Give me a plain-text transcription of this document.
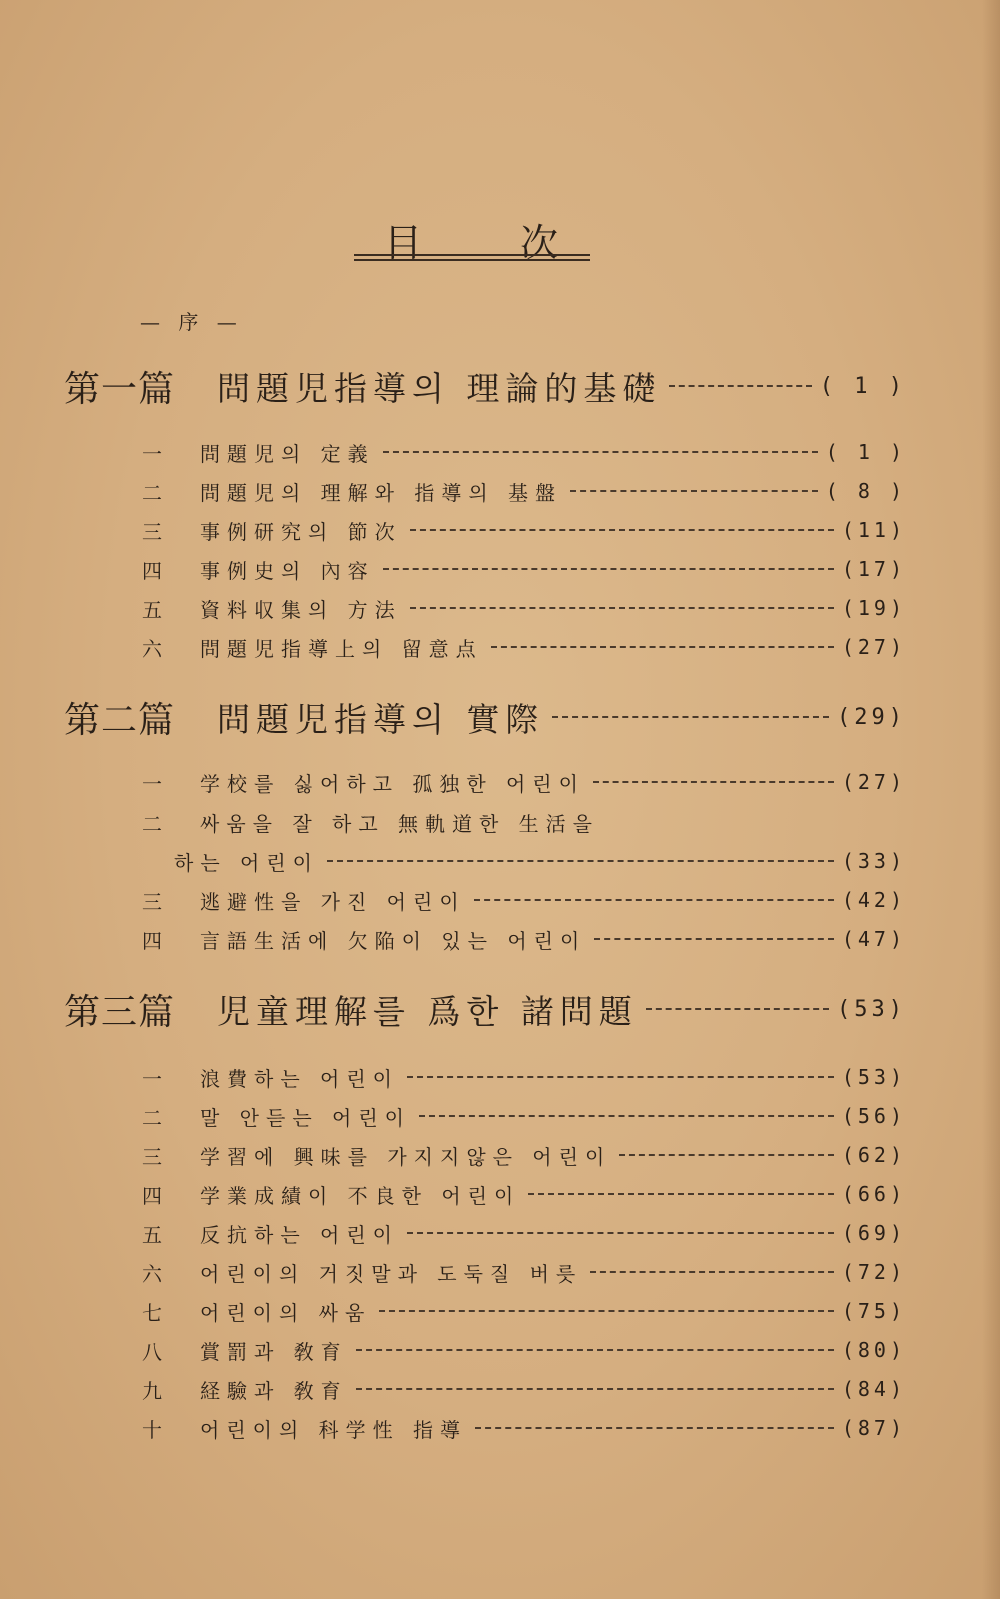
目	次
— 序 —
第一篇 問題児指導의 理論的基礎	( 1 )
一	問題児의 定義	( 1 )
二	問題児의 理解와 指導의 基盤	( 8 )
三	事例研究의 節次	(11)
四	事例史의 內容	(17)
五	資料収集의 方法	(19)
六	問題児指導上의 留意点	(27)
第二篇 問題児指導의 實際	(29)
一	学校를 싫어하고 孤独한 어린이	(27)
二	싸움을 잘 하고 無軌道한 生活을
하는 어린이	(33)
三	逃避性을 가진 어린이	(42)
四	言語生活에 欠陥이 있는 어린이	(47)
第三篇 児童理解를 爲한 諸問題	(53)
一	浪費하는 어린이	(53)
二	말 안듣는 어린이	(56)
三	学習에 興味를 가지지않은 어린이	(62)
四	学業成績이 不良한 어린이	(66)
五	反抗하는 어린이	(69)
六	어린이의 거짓말과 도둑질 버릇	(72)
七	어린이의 싸움	(75)
八	賞罰과 敎育	(80)
九	経驗과 敎育	(84)
十	어린이의 科学性 指導	(87)
